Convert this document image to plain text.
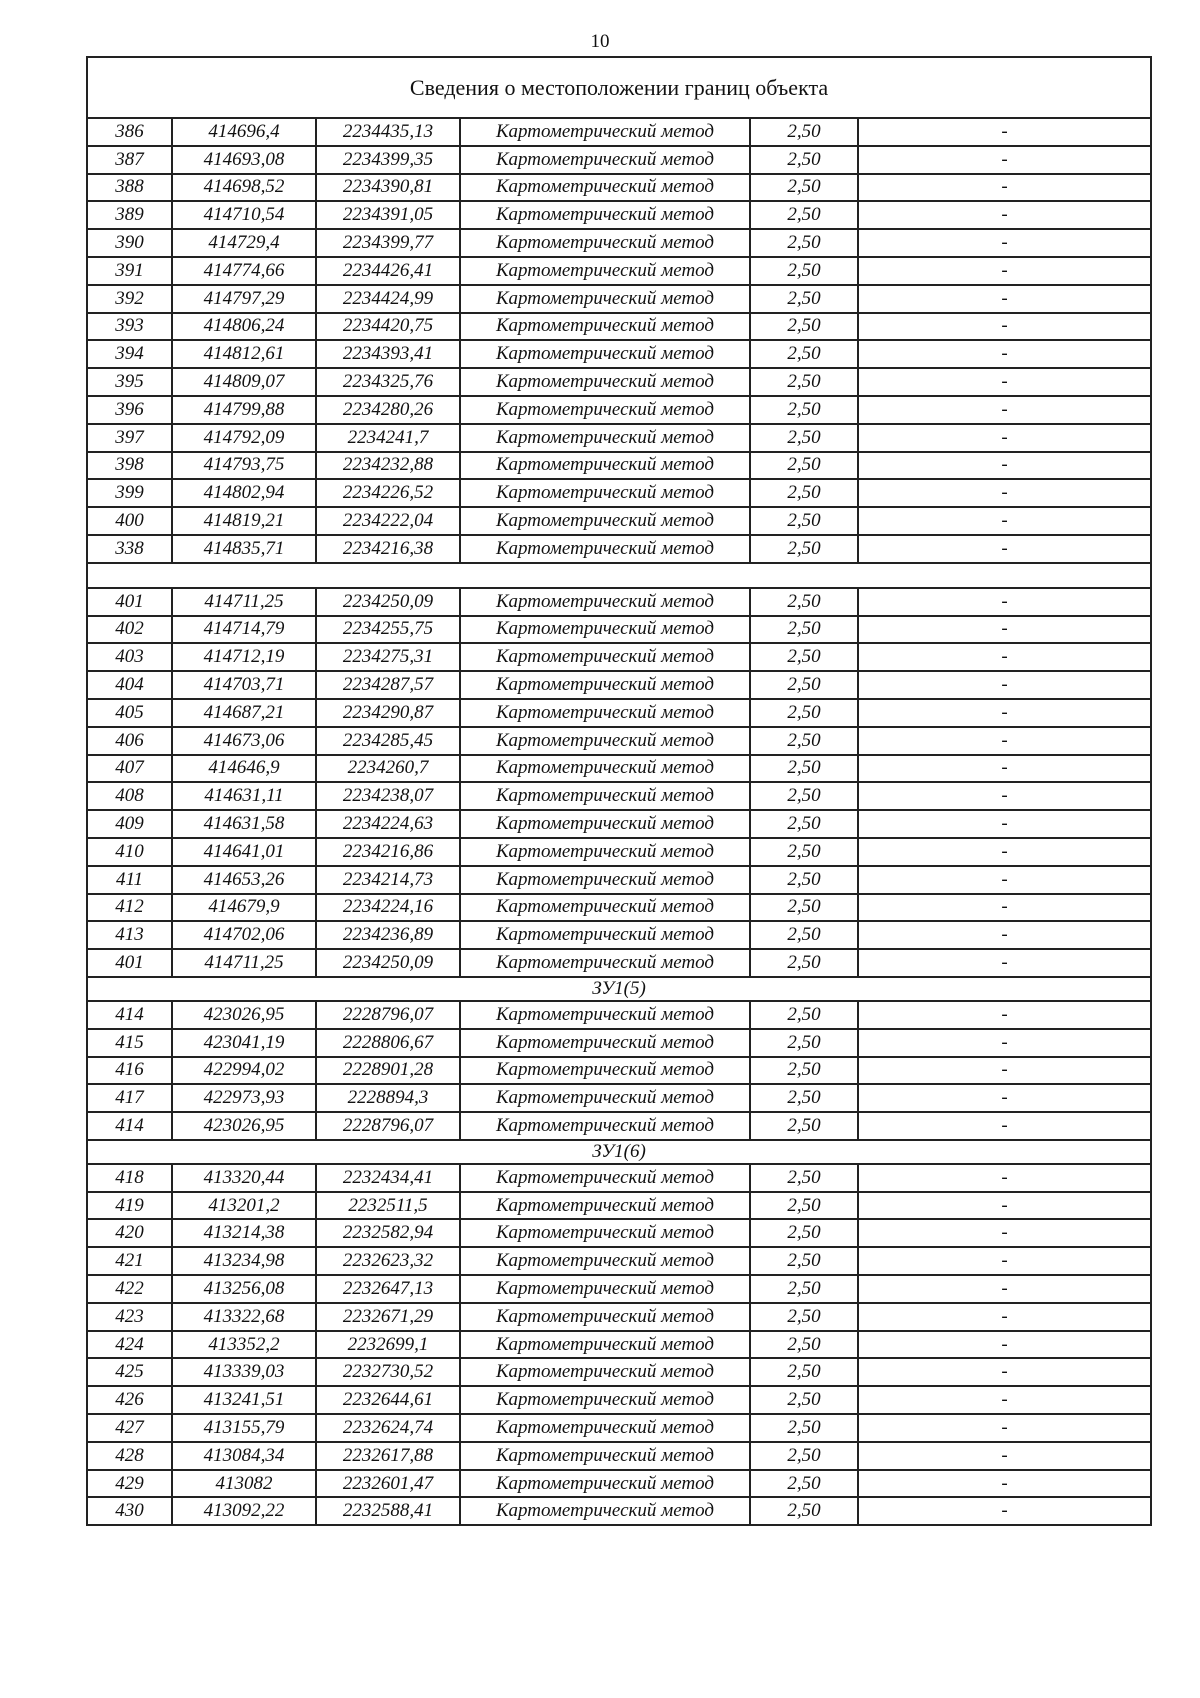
10
Сведения о местоположении границ объекта					
386	414696,4	2234435,13	Картометрический метод	2,50	-
387	414693,08	2234399,35	Картометрический метод	2,50	-
388	414698,52	2234390,81	Картометрический метод	2,50	-
389	414710,54	2234391,05	Картометрический метод	2,50	-
390	414729,4	2234399,77	Картометрический метод	2,50	-
391	414774,66	2234426,41	Картометрический метод	2,50	-
392	414797,29	2234424,99	Картометрический метод	2,50	-
393	414806,24	2234420,75	Картометрический метод	2,50	-
394	414812,61	2234393,41	Картометрический метод	2,50	-
395	414809,07	2234325,76	Картометрический метод	2,50	-
396	414799,88	2234280,26	Картометрический метод	2,50	-
397	414792,09	2234241,7	Картометрический метод	2,50	-
398	414793,75	2234232,88	Картометрический метод	2,50	-
399	414802,94	2234226,52	Картометрический метод	2,50	-
400	414819,21	2234222,04	Картометрический метод	2,50	-
338	414835,71	2234216,38	Картометрический метод	2,50	-

401	414711,25	2234250,09	Картометрический метод	2,50	-
402	414714,79	2234255,75	Картометрический метод	2,50	-
403	414712,19	2234275,31	Картометрический метод	2,50	-
404	414703,71	2234287,57	Картометрический метод	2,50	-
405	414687,21	2234290,87	Картометрический метод	2,50	-
406	414673,06	2234285,45	Картометрический метод	2,50	-
407	414646,9	2234260,7	Картометрический метод	2,50	-
408	414631,11	2234238,07	Картометрический метод	2,50	-
409	414631,58	2234224,63	Картометрический метод	2,50	-
410	414641,01	2234216,86	Картометрический метод	2,50	-
411	414653,26	2234214,73	Картометрический метод	2,50	-
412	414679,9	2234224,16	Картометрический метод	2,50	-
413	414702,06	2234236,89	Картометрический метод	2,50	-
401	414711,25	2234250,09	Картометрический метод	2,50	-
ЗУ1(5)					
414	423026,95	2228796,07	Картометрический метод	2,50	-
415	423041,19	2228806,67	Картометрический метод	2,50	-
416	422994,02	2228901,28	Картометрический метод	2,50	-
417	422973,93	2228894,3	Картометрический метод	2,50	-
414	423026,95	2228796,07	Картометрический метод	2,50	-
ЗУ1(6)					
418	413320,44	2232434,41	Картометрический метод	2,50	-
419	413201,2	2232511,5	Картометрический метод	2,50	-
420	413214,38	2232582,94	Картометрический метод	2,50	-
421	413234,98	2232623,32	Картометрический метод	2,50	-
422	413256,08	2232647,13	Картометрический метод	2,50	-
423	413322,68	2232671,29	Картометрический метод	2,50	-
424	413352,2	2232699,1	Картометрический метод	2,50	-
425	413339,03	2232730,52	Картометрический метод	2,50	-
426	413241,51	2232644,61	Картометрический метод	2,50	-
427	413155,79	2232624,74	Картометрический метод	2,50	-
428	413084,34	2232617,88	Картометрический метод	2,50	-
429	413082	2232601,47	Картометрический метод	2,50	-
430	413092,22	2232588,41	Картометрический метод	2,50	-
